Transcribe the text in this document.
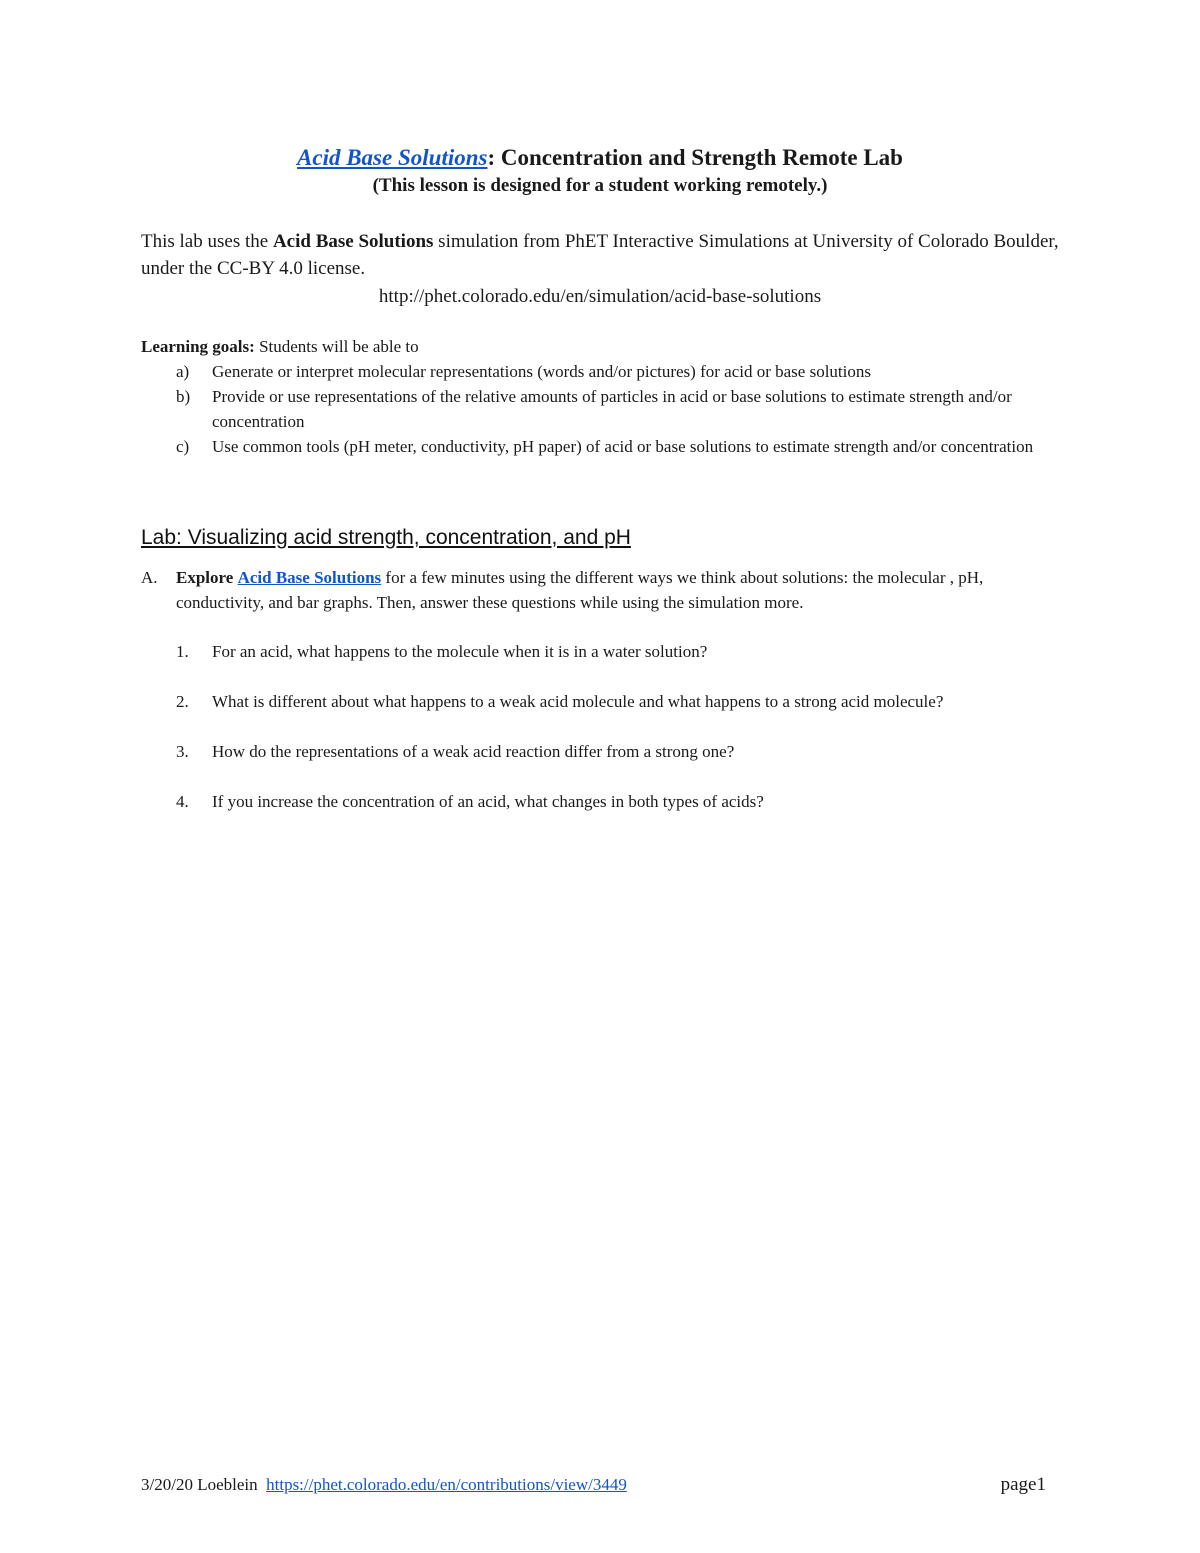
Acid Base Solutions: Concentration and Strength Remote Lab
(This lesson is designed for a student working remotely.)
This lab uses the Acid Base Solutions simulation from PhET Interactive Simulations at University of Colorado Boulder, under the CC-BY 4.0 license.
http://phet.colorado.edu/en/simulation/acid-base-solutions
Learning goals: Students will be able to
a) Generate or interpret molecular representations (words and/or pictures) for acid or base solutions
b) Provide or use representations of the relative amounts of particles in acid or base solutions to estimate strength and/or concentration
c) Use common tools (pH meter, conductivity, pH paper) of acid or base solutions to estimate strength and/or concentration
Lab: Visualizing acid strength, concentration, and pH
A. Explore Acid Base Solutions for a few minutes using the different ways we think about solutions: the molecular , pH, conductivity, and bar graphs. Then, answer these questions while using the simulation more.
1. For an acid, what happens to the molecule when it is in a water solution?
2. What is different about what happens to a weak acid molecule and what happens to a strong acid molecule?
3. How do the representations of a weak acid reaction differ from a strong one?
4. If you increase the concentration of an acid, what changes in both types of acids?
3/20/20 Loeblein https://phet.colorado.edu/en/contributions/view/3449	page1
